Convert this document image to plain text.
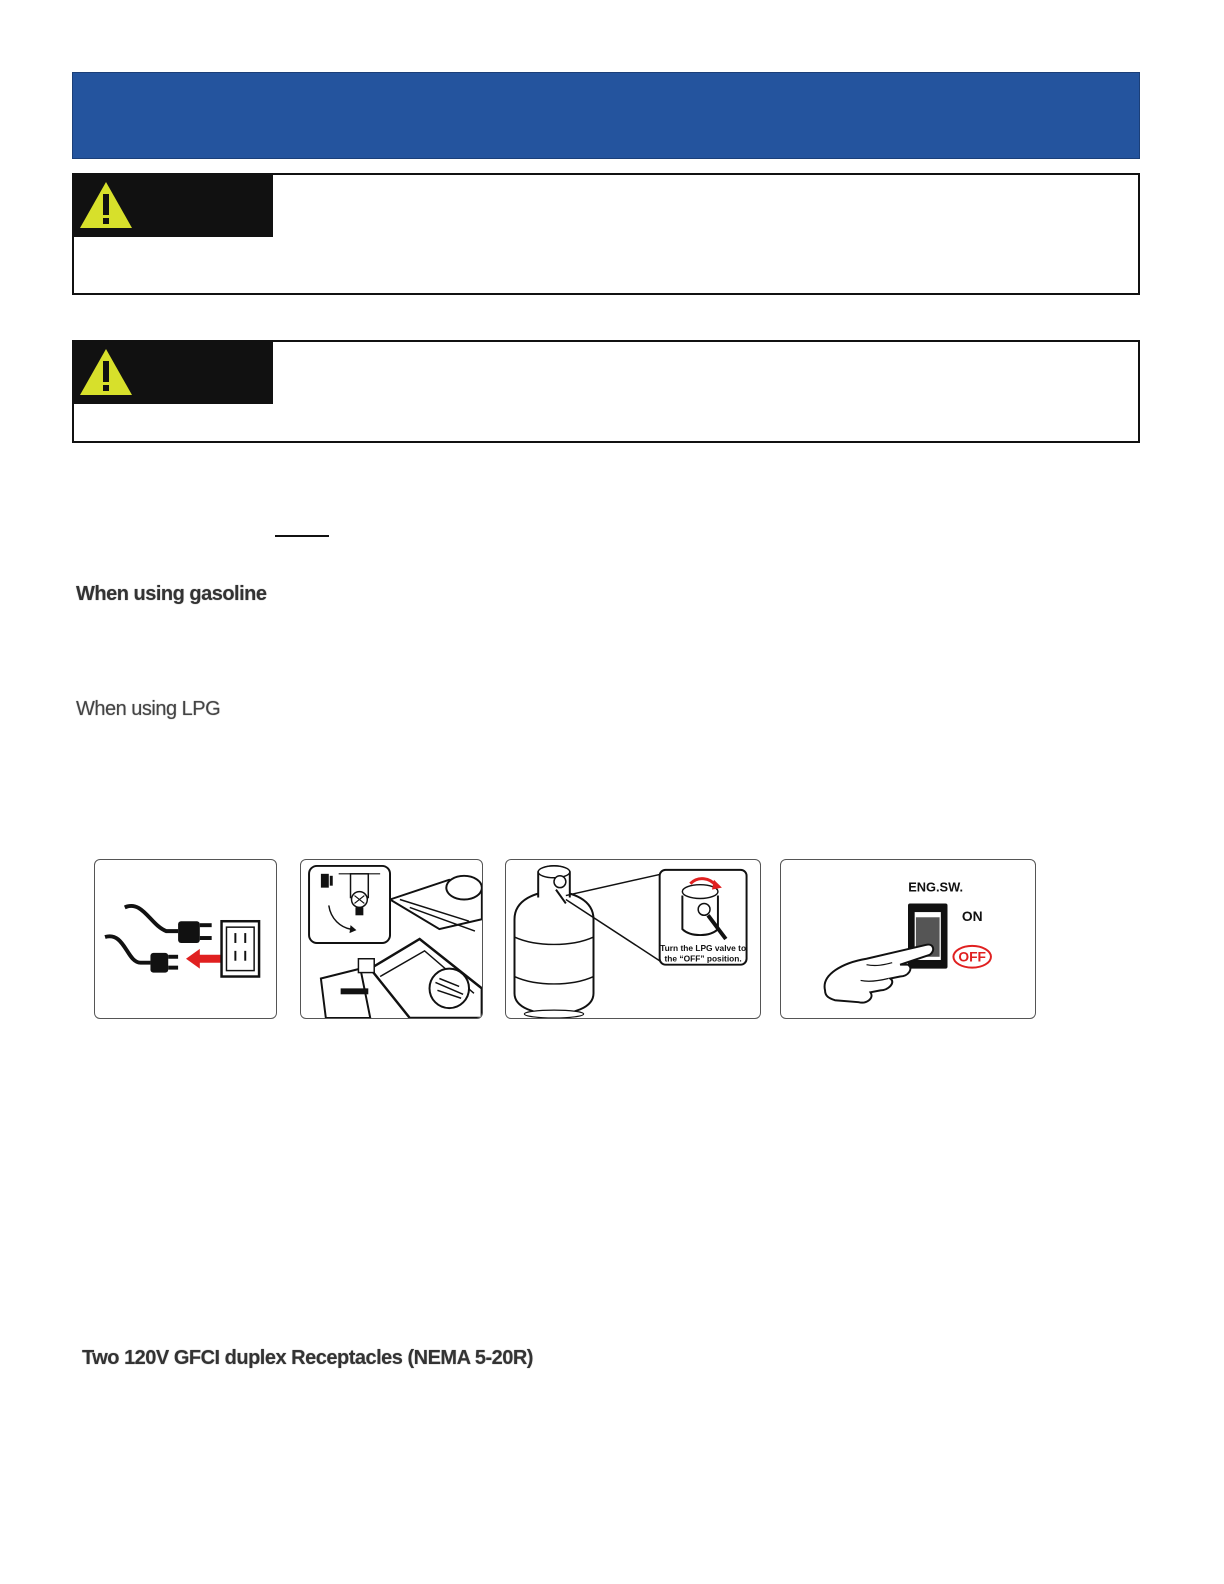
When using gasoline
When using LPG
Turn the LPG valve to
the “OFF” position.
ENG.SW.
ON
OFF
Two 120V GFCI duplex Receptacles (NEMA 5-20R)
